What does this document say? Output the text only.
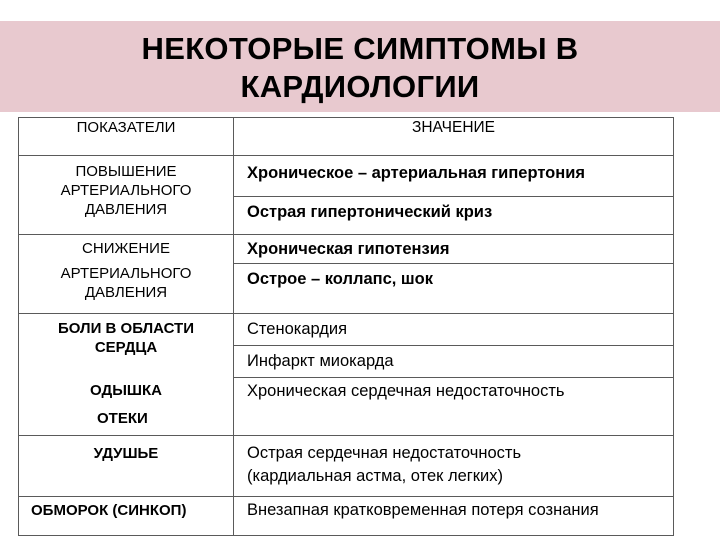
НЕКОТОРЫЕ СИМПТОМЫ В
КАРДИОЛОГИИ
ПОКАЗАТЕЛИ	ЗНАЧЕНИЕ

ПОВЫШЕНИЕ
АРТЕРИАЛЬНОГО
ДАВЛЕНИЯ	Хроническое – артериальная гипертония
	Острая гипертонический криз

СНИЖЕНИЕ
АРТЕРИАЛЬНОГО
ДАВЛЕНИЯ	Хроническая гипотензия
	Острое – коллапс, шок

БОЛИ В ОБЛАСТИ
СЕРДЦА	Стенокардия
	Инфаркт миокарда
ОДЫШКА	Хроническая сердечная недостаточность
ОТЕКИ	
УДУШЬЕ	Острая сердечная недостаточность
(кардиальная астма, отек легких)

ОБМОРОК (СИНКОП)	Внезапная кратковременная потеря сознания
